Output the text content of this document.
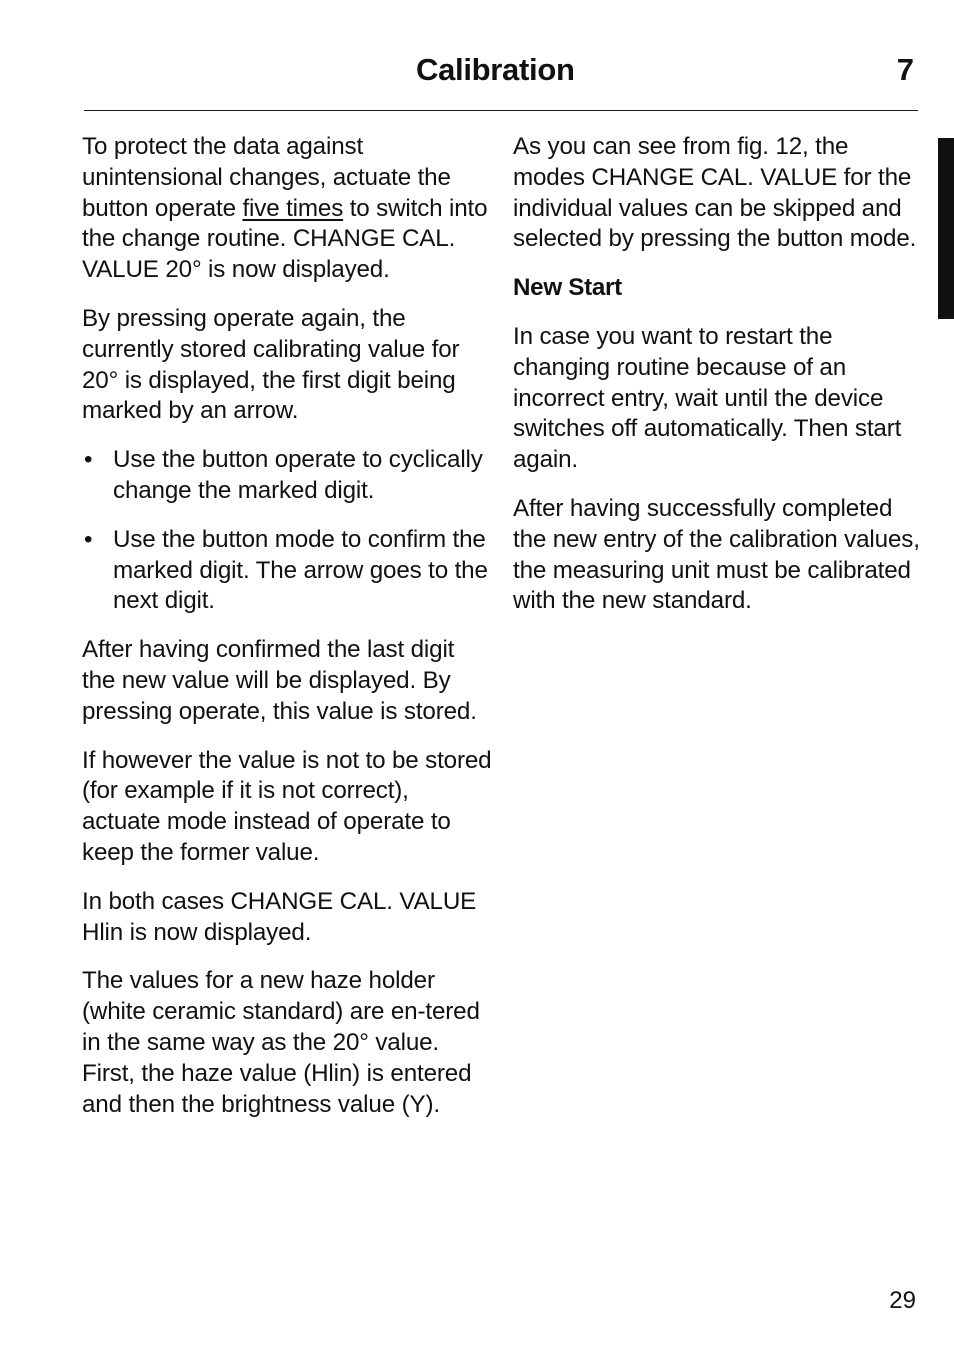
Calibration	7

To protect the data against unintensional changes, actuate the button operate five times to switch into the change routine. CHANGE CAL. VALUE 20° is now displayed.

By pressing operate again, the currently stored calibrating value for 20° is displayed, the first digit being marked by an arrow.

• Use the button operate to cyclically change the marked digit.
• Use the button mode to confirm the marked digit. The arrow goes to the next digit.

After having confirmed the last digit the new value will be displayed. By pressing operate, this value is stored.

If however the value is not to be stored (for example if it is not correct), actuate mode instead of operate to keep the former value.

In both cases CHANGE CAL. VALUE Hlin is now displayed.

The values for a new haze holder (white ceramic standard) are en-tered in the same way as the 20° value. First, the haze value (Hlin) is entered and then the brightness value (Y).

As you can see from fig. 12, the modes CHANGE CAL. VALUE for the individual values can be skipped and selected by pressing the button mode.

New Start

In case you want to restart the changing routine because of an incorrect entry, wait until the device switches off automatically. Then start again.

After having successfully completed the new entry of the calibration values, the measuring unit must be calibrated with the new standard.

29
